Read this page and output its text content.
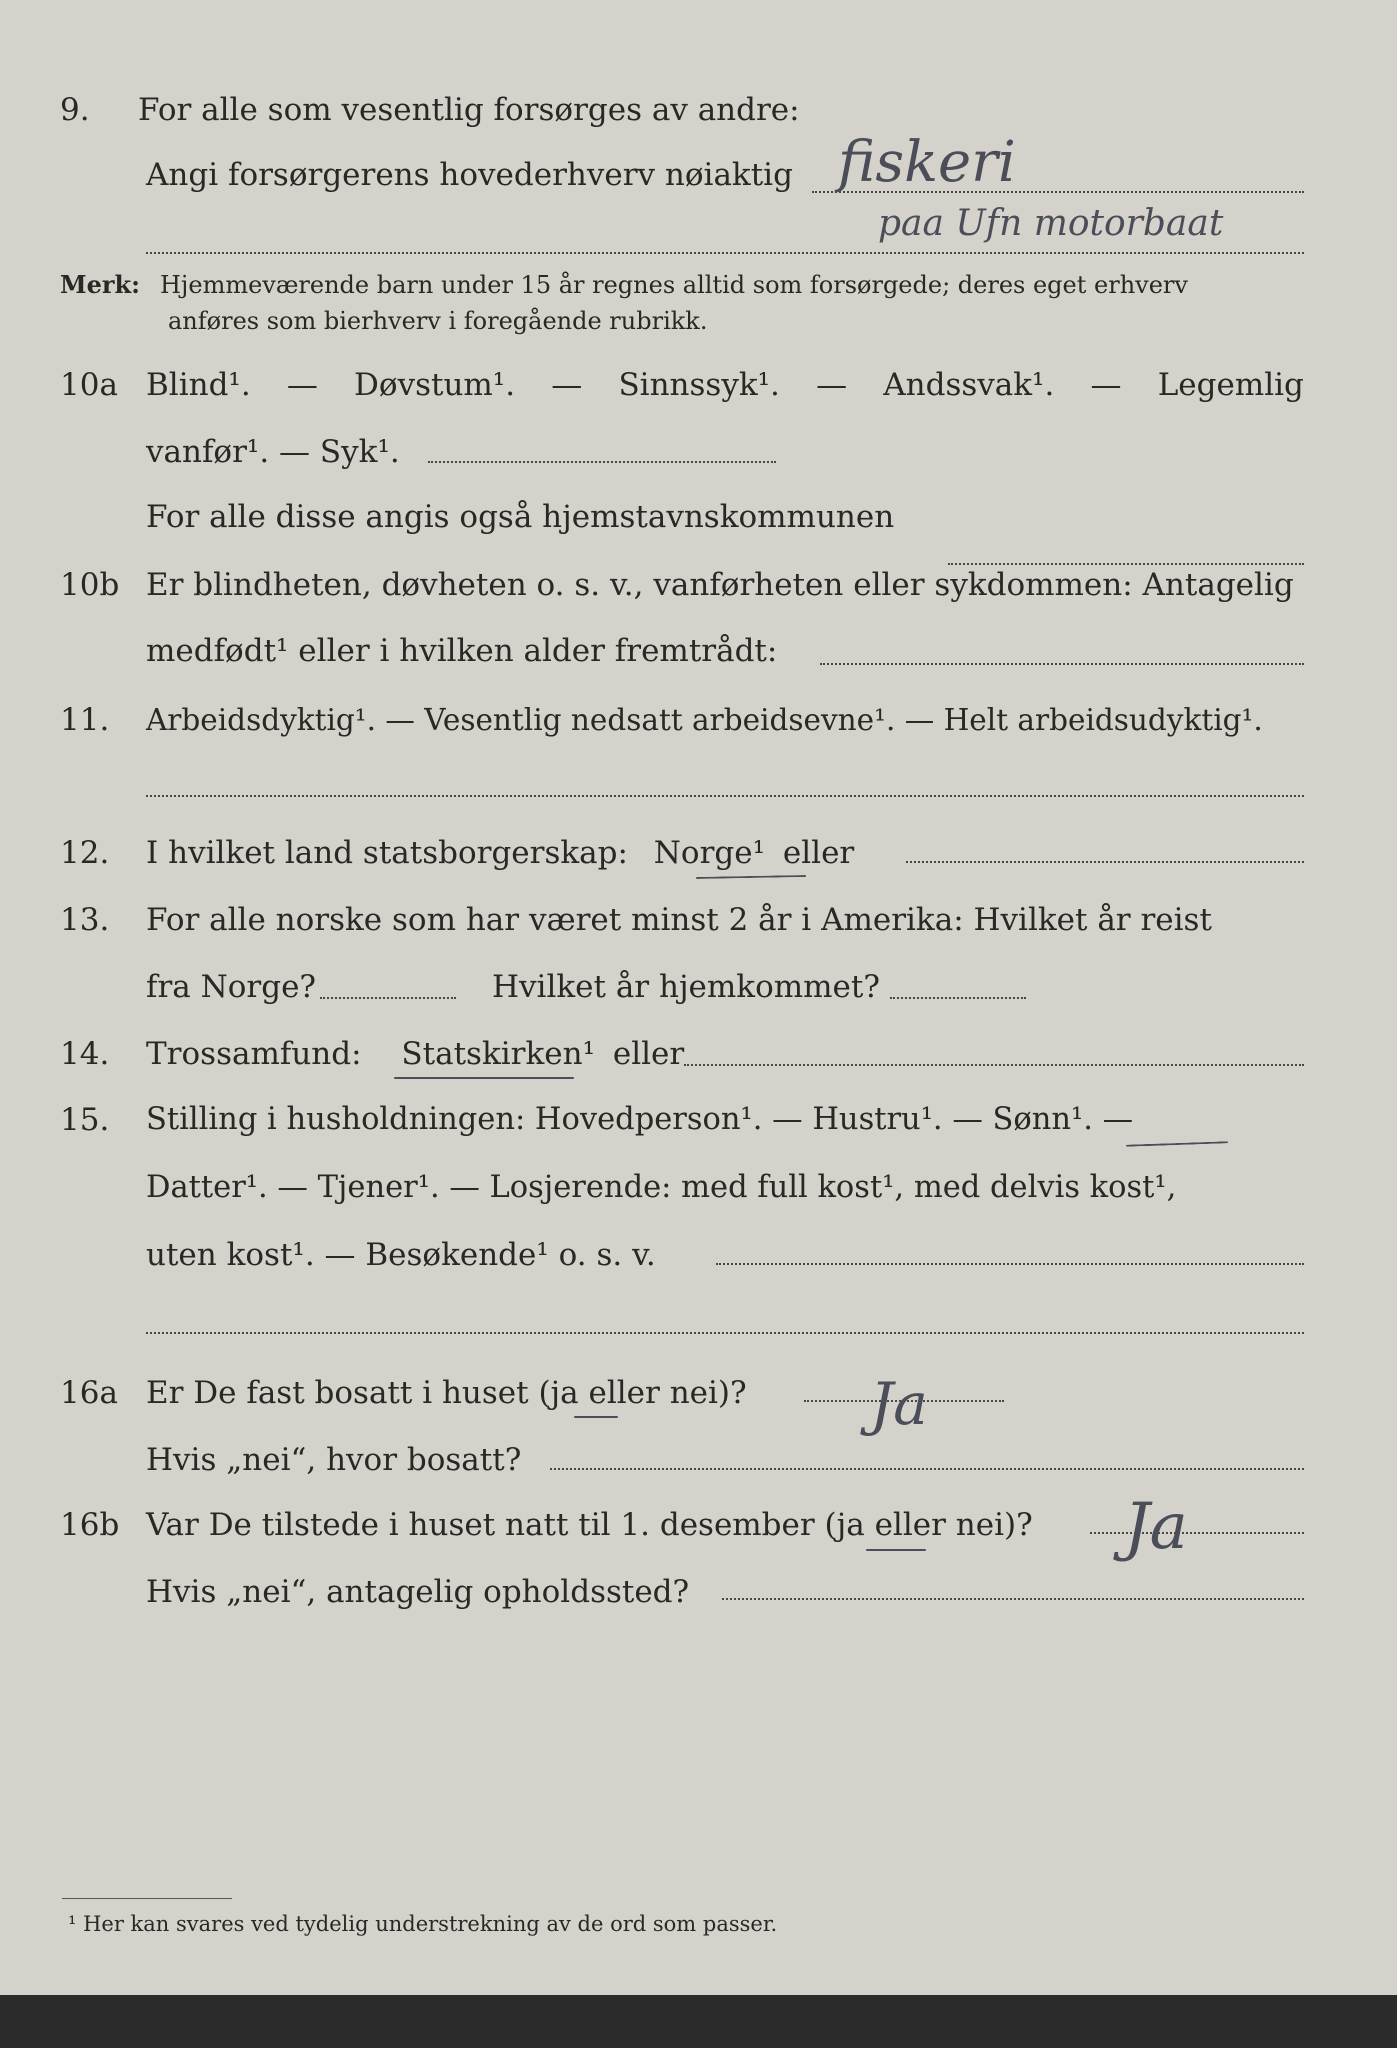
9. For alle som vesentlig forsørges av andre:
Angi forsørgerens hovederhverv nøiaktig fiskeri
paa Ufn motorbaat
Merk: Hjemmeværende barn under 15 år regnes alltid som forsørgede; deres eget erhverv
anføres som bierhverv i foregående rubrikk.
10a Blind¹. — Døvstum¹. — Sinnssyk¹. — Andssvak¹. — Legemlig
vanfør¹. — Syk¹.
For alle disse angis også hjemstavnskommunen
10b Er blindheten, døvheten o. s. v., vanførheten eller sykdommen: Antagelig
medfødt¹ eller i hvilken alder fremtrådt:
11. Arbeidsdyktig¹. — Vesentlig nedsatt arbeidsevne¹. — Helt arbeidsudyktig¹.
12. I hvilket land statsborgerskap: Norge¹ eller
13. For alle norske som har været minst 2 år i Amerika: Hvilket år reist
fra Norge?	Hvilket år hjemkommet?
14. Trossamfund: Statskirken¹ eller
15. Stilling i husholdningen: Hovedperson¹. — Hustru¹. — Sønn¹. —
Datter¹. — Tjener¹. — Losjerende: med full kost¹, med delvis kost¹,
uten kost¹. — Besøkende¹ o. s. v.
16a Er De fast bosatt i huset (ja eller nei)? Ja
Hvis „nei“, hvor bosatt?
16b Var De tilstede i huset natt til 1. desember (ja eller nei)? Ja
Hvis „nei“, antagelig opholdssted?
¹ Her kan svares ved tydelig understrekning av de ord som passer.
